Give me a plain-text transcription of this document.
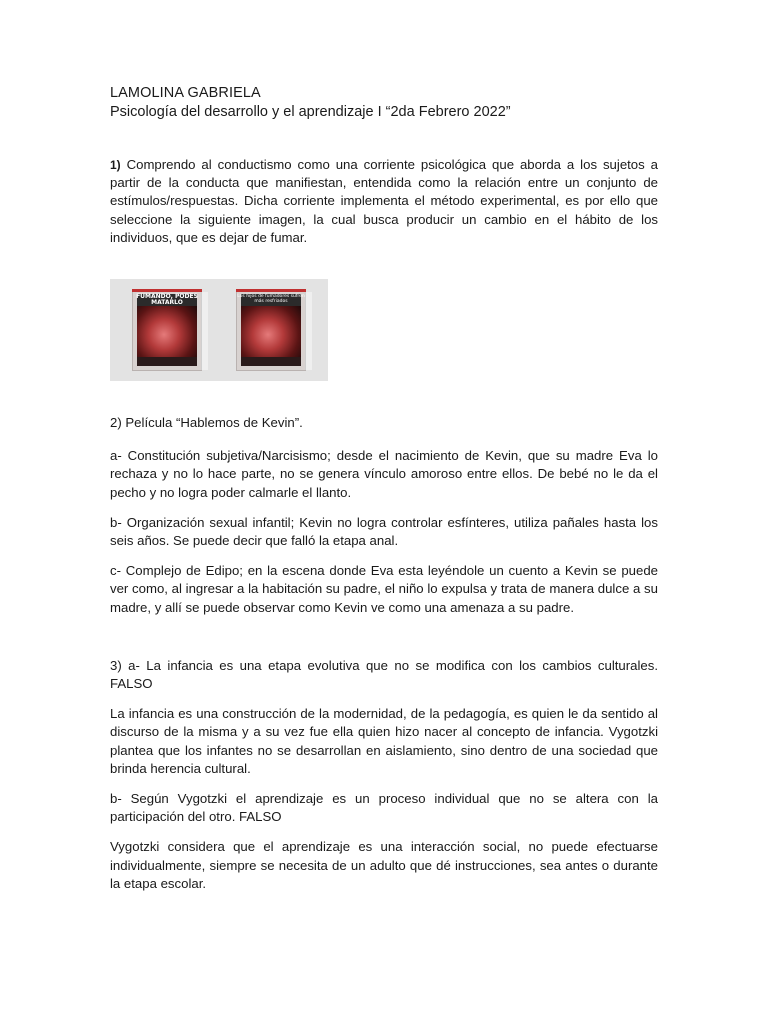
LAMOLINA GABRIELA
Psicología del desarrollo y el aprendizaje I “2da Febrero 2022”

1) Comprendo al conductismo como una corriente psicológica que aborda a los sujetos a partir de la conducta que manifiestan, entendida como la relación entre un conjunto de estímulos/respuestas. Dicha corriente implementa el método experimental, es por ello que seleccione la siguiente imagen, la cual busca producir un cambio en el hábito de los individuos, que es dejar de fumar.

FUMANDO, PODES MATARLO
Los hijos de fumadores sufren más resfriados

2) Película “Hablemos de Kevin”.

a- Constitución subjetiva/Narcisismo; desde el nacimiento de Kevin, que su madre Eva lo rechaza y no lo hace parte, no se genera vínculo amoroso entre ellos. De bebé no le da el pecho y no logra poder calmarle el llanto.

b- Organización sexual infantil; Kevin no logra controlar esfínteres, utiliza pañales hasta los seis años. Se puede decir que falló la etapa anal.

c- Complejo de Edipo; en la escena donde Eva esta leyéndole un cuento a Kevin se puede ver como, al ingresar a la habitación su padre, el niño lo expulsa y trata de manera dulce a su madre, y allí se puede observar como Kevin ve como una amenaza a su padre.

3) a- La infancia es una etapa evolutiva que no se modifica con los cambios culturales. FALSO

La infancia es una construcción de la modernidad, de la pedagogía, es quien le da sentido al discurso de la misma y a su vez fue ella quien hizo nacer al concepto de infancia. Vygotzki plantea que los infantes no se desarrollan en aislamiento, sino dentro de una sociedad que brinda herencia cultural.

b- Según Vygotzki el aprendizaje es un proceso individual que no se altera con la participación del otro. FALSO

Vygotzki considera que el aprendizaje es una interacción social, no puede efectuarse individualmente, siempre se necesita de un adulto que dé instrucciones, sea antes o durante la etapa escolar.
